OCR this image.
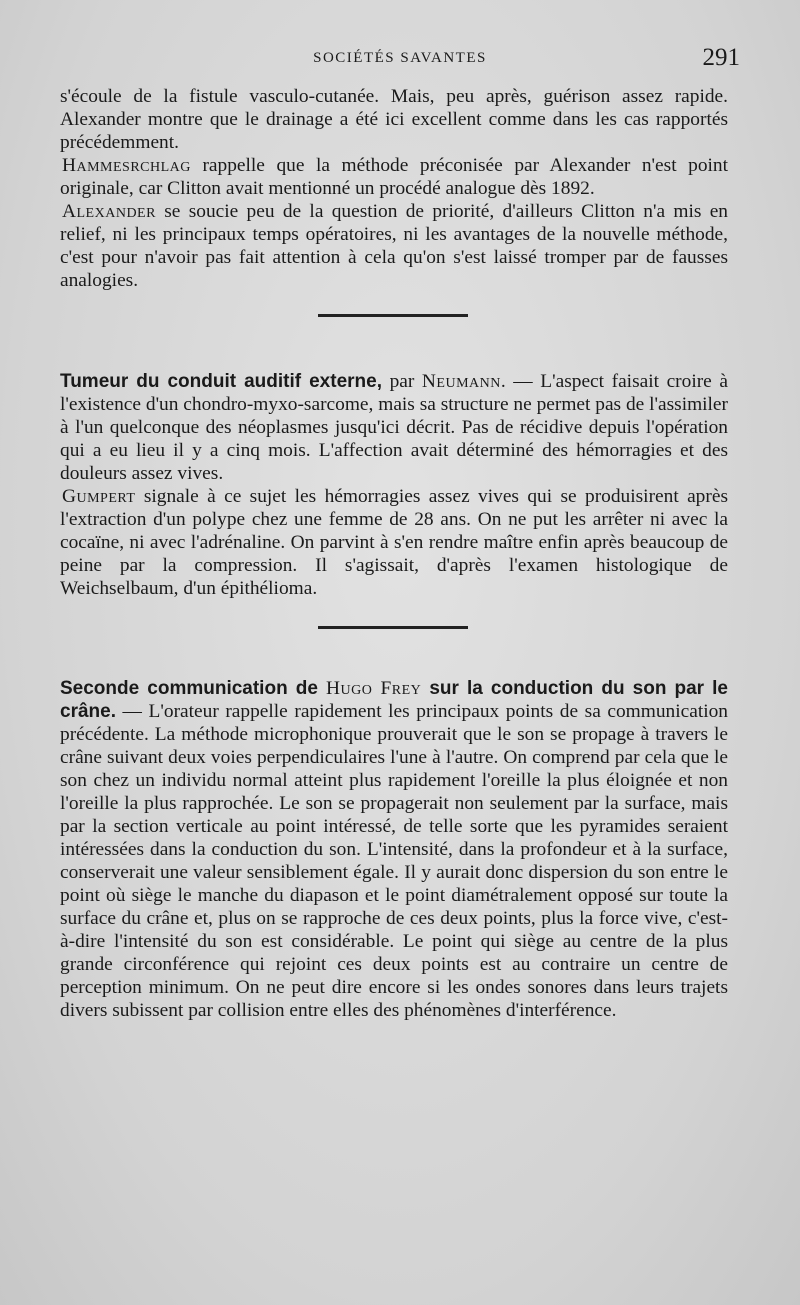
SOCIÉTÉS SAVANTES	291

s'écoule de la fistule vasculo-cutanée. Mais, peu après, guérison assez rapide. Alexander montre que le drainage a été ici excellent comme dans les cas rapportés précédemment.

Hammesrchlag rappelle que la méthode préconisée par Alexander n'est point originale, car Clitton avait mentionné un procédé analogue dès 1892.

Alexander se soucie peu de la question de priorité, d'ailleurs Clitton n'a mis en relief, ni les principaux temps opératoires, ni les avantages de la nouvelle méthode, c'est pour n'avoir pas fait attention à cela qu'on s'est laissé tromper par de fausses analogies.

Tumeur du conduit auditif externe, par Neumann. — L'aspect faisait croire à l'existence d'un chondro-myxo-sarcome, mais sa structure ne permet pas de l'assimiler à l'un quelconque des néoplasmes jusqu'ici décrit. Pas de récidive depuis l'opération qui a eu lieu il y a cinq mois. L'affection avait déterminé des hémorragies et des douleurs assez vives.

Gumpert signale à ce sujet les hémorragies assez vives qui se produisirent après l'extraction d'un polype chez une femme de 28 ans. On ne put les arrêter ni avec la cocaïne, ni avec l'adrénaline. On parvint à s'en rendre maître enfin après beaucoup de peine par la compression. Il s'agissait, d'après l'examen histologique de Weichselbaum, d'un épithélioma.

Seconde communication de Hugo Frey sur la conduction du son par le crâne. — L'orateur rappelle rapidement les principaux points de sa communication précédente. La méthode microphonique prouverait que le son se propage à travers le crâne suivant deux voies perpendiculaires l'une à l'autre. On comprend par cela que le son chez un individu normal atteint plus rapidement l'oreille la plus éloignée et non l'oreille la plus rapprochée. Le son se propagerait non seulement par la surface, mais par la section verticale au point intéressé, de telle sorte que les pyramides seraient intéressées dans la conduction du son. L'intensité, dans la profondeur et à la surface, conserverait une valeur sensiblement égale. Il y aurait donc dispersion du son entre le point où siège le manche du diapason et le point diamétralement opposé sur toute la surface du crâne et, plus on se rapproche de ces deux points, plus la force vive, c'est-à-dire l'intensité du son est considérable. Le point qui siège au centre de la plus grande circonférence qui rejoint ces deux points est au contraire un centre de perception minimum. On ne peut dire encore si les ondes sonores dans leurs trajets divers subissent par collision entre elles des phénomènes d'interférence.
